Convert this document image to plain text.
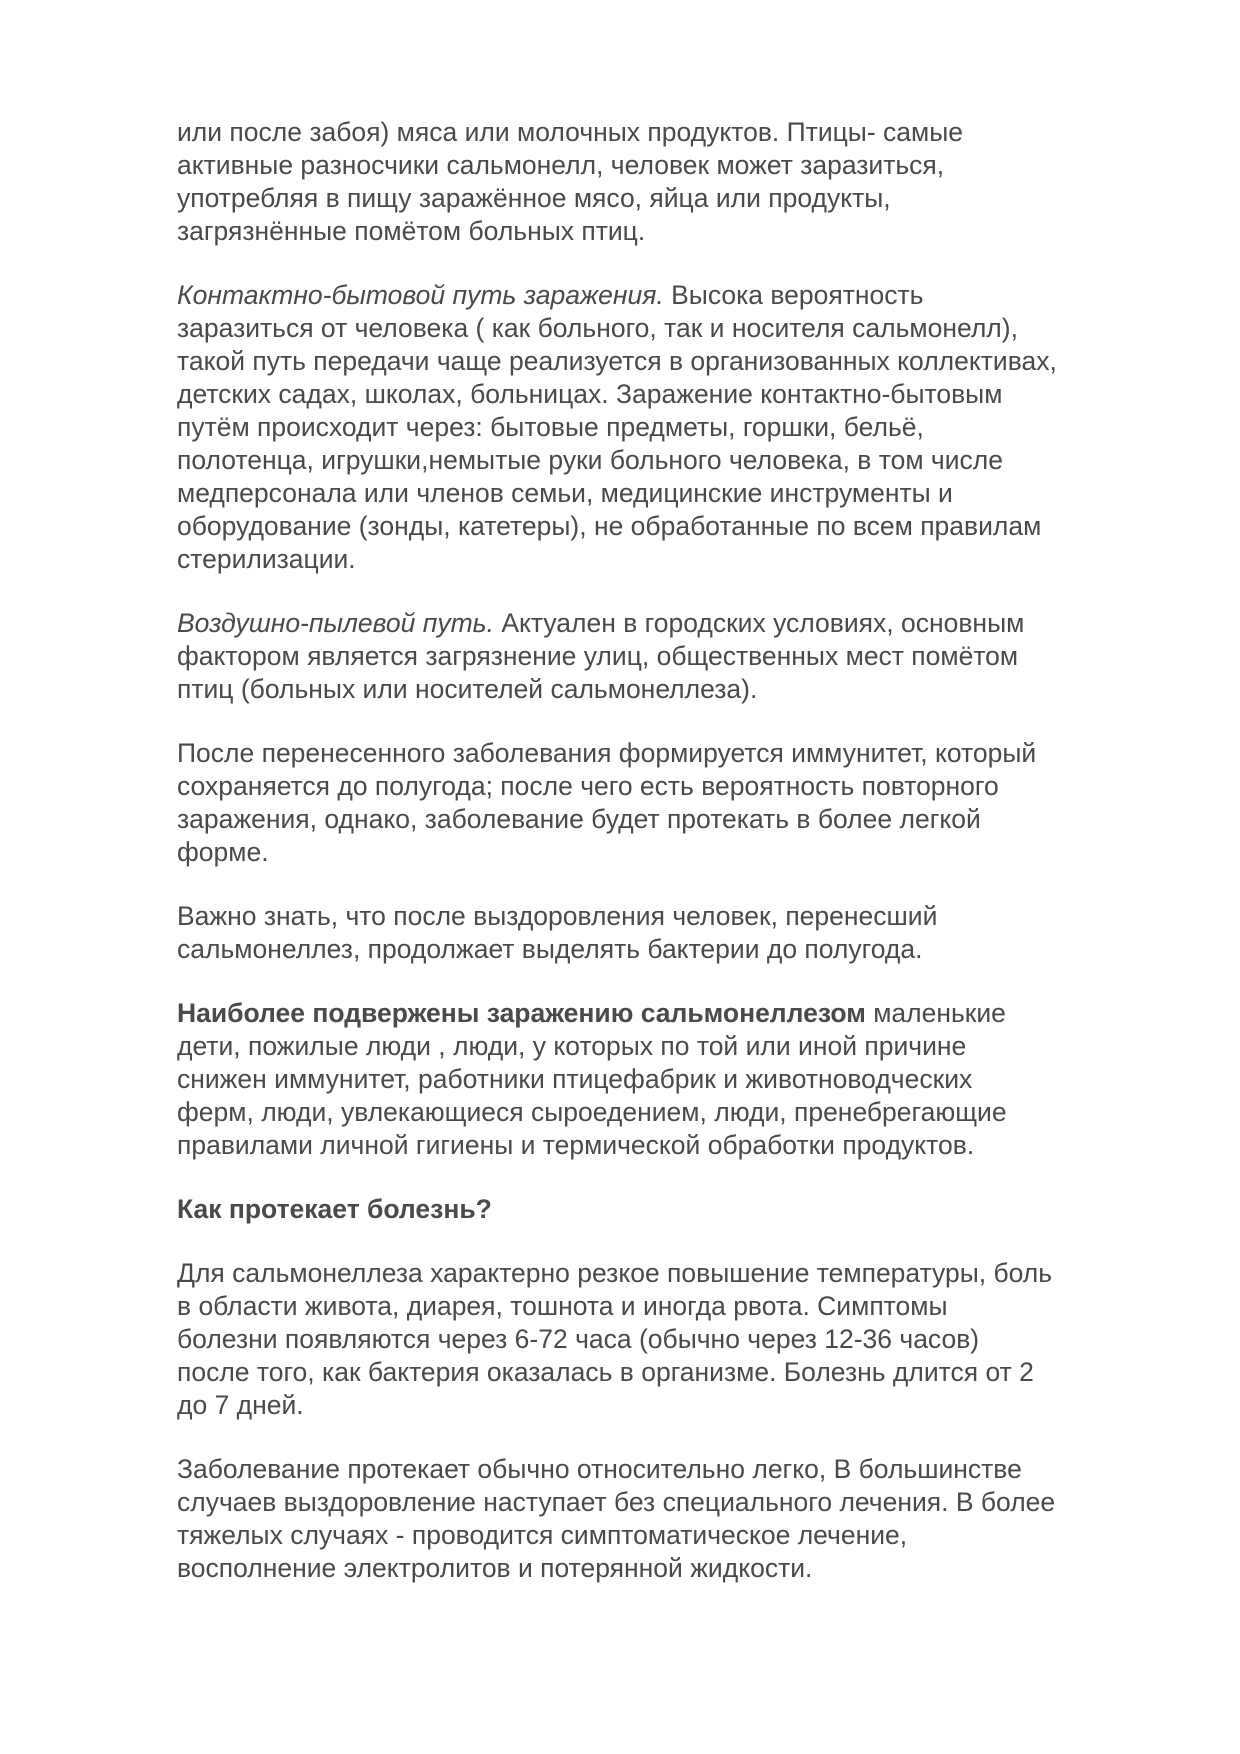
или после забоя) мяса или молочных продуктов. Птицы- самые
активные разносчики сальмонелл, человек может заразиться,
употребляя в пищу заражённое мясо, яйца или продукты,
загрязнённые помётом больных птиц.

Контактно-бытовой путь заражения. Высока вероятность
заразиться от человека ( как больного, так и носителя сальмонелл),
такой путь передачи чаще реализуется в организованных коллективах,
детских садах, школах, больницах. Заражение контактно-бытовым
путём происходит через: бытовые предметы, горшки, бельё,
полотенца, игрушки,немытые руки больного человека, в том числе
медперсонала или членов семьи, медицинские инструменты и
оборудование (зонды, катетеры), не обработанные по всем правилам
стерилизации.

Воздушно-пылевой путь. Актуален в городских условиях, основным
фактором является загрязнение улиц, общественных мест помётом
птиц (больных или носителей сальмонеллеза).

После перенесенного заболевания формируется иммунитет, который
сохраняется до полугода; после чего есть вероятность повторного
заражения, однако, заболевание будет протекать в более легкой
форме.

Важно знать, что после выздоровления человек, перенесший
сальмонеллез, продолжает выделять бактерии до полугода.

Наиболее подвержены заражению сальмонеллезом маленькие
дети, пожилые люди , люди, у которых по той или иной причине
снижен иммунитет, работники птицефабрик и животноводческих
ферм, люди, увлекающиеся сыроедением, люди, пренебрегающие
правилами личной гигиены и термической обработки продуктов.

Как протекает болезнь?

Для сальмонеллеза характерно резкое повышение температуры, боль
в области живота, диарея, тошнота и иногда рвота. Симптомы
болезни появляются через 6-72 часа (обычно через 12-36 часов)
после того, как бактерия оказалась в организме. Болезнь длится от 2
до 7 дней.

Заболевание протекает обычно относительно легко, В большинстве
случаев выздоровление наступает без специального лечения. В более
тяжелых случаях - проводится симптоматическое лечение,
восполнение электролитов и потерянной жидкости.
